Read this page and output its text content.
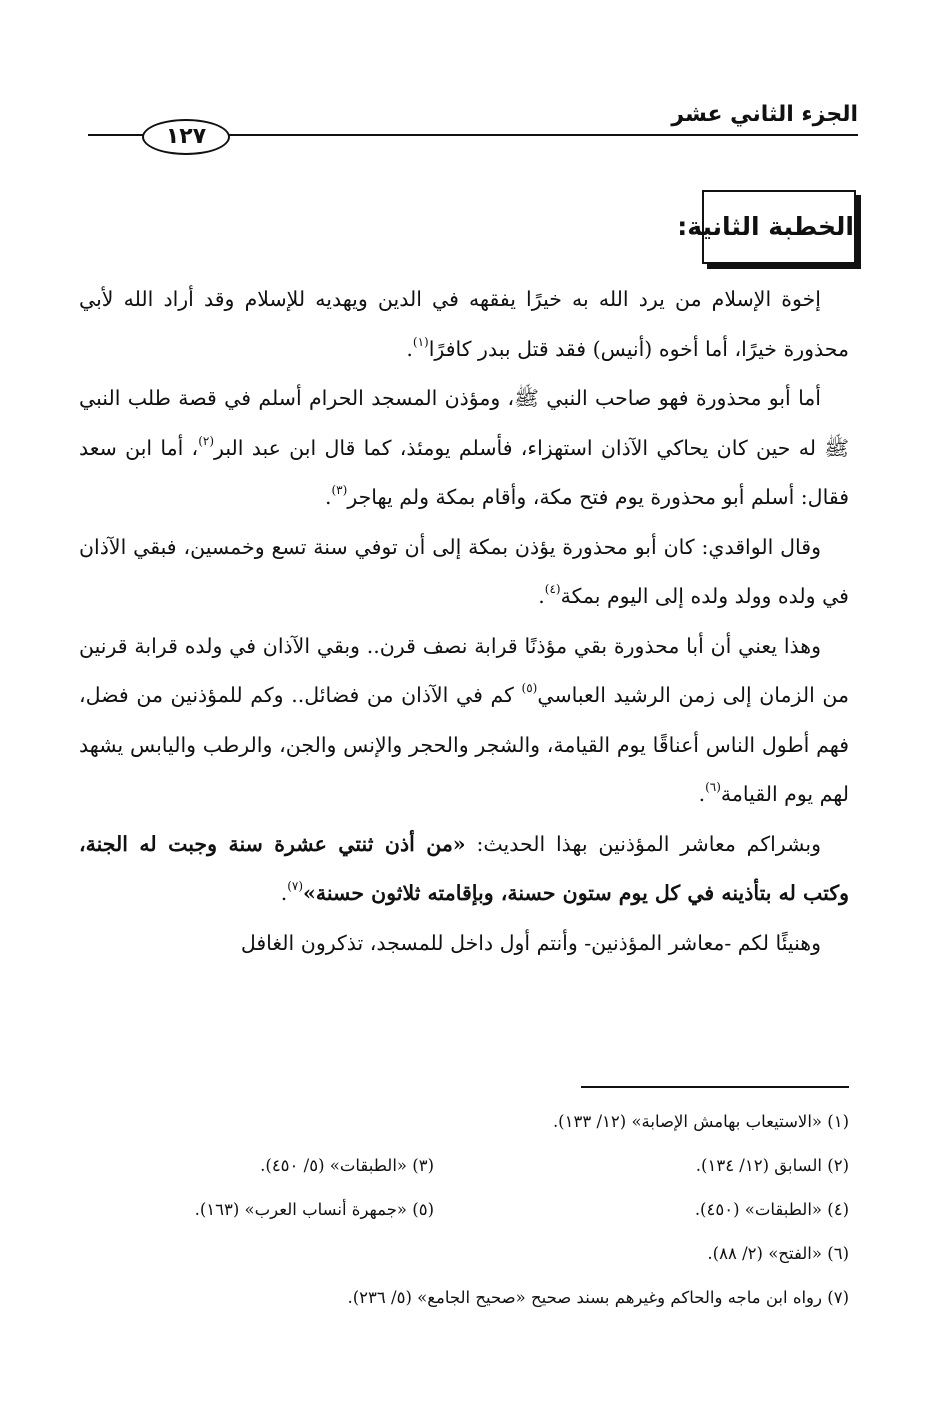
الجزء الثاني عشر
١٢٧
الخطبة الثانية:

إخوة الإسلام من يرد الله به خيرًا يفقهه في الدين ويهديه للإسلام وقد أراد الله لأبي محذورة خيرًا، أما أخوه (أنيس) فقد قتل ببدر كافرًا$^{(١)}$.

أما أبو محذورة فهو صاحب النبي ﷺ، ومؤذن المسجد الحرام أسلم في قصة طلب النبي ﷺ له حين كان يحاكي الآذان استهزاء، فأسلم يومئذ، كما قال ابن عبد البر$^{(٢)}$، أما ابن سعد فقال: أسلم أبو محذورة يوم فتح مكة، وأقام بمكة ولم يهاجر$^{(٣)}$.

وقال الواقدي: كان أبو محذورة يؤذن بمكة إلى أن توفي سنة تسع وخمسين، فبقي الآذان في ولده وولد ولده إلى اليوم بمكة$^{(٤)}$.

وهذا يعني أن أبا محذورة بقي مؤذنًا قرابة نصف قرن.. وبقي الآذان في ولده قرابة قرنين من الزمان إلى زمن الرشيد العباسي$^{(٥)}$ كم في الآذان من فضائل.. وكم للمؤذنين من فضل، فهم أطول الناس أعناقًا يوم القيامة، والشجر والحجر والإنس والجن، والرطب واليابس يشهد لهم يوم القيامة$^{(٦)}$.

وبشراكم معاشر المؤذنين بهذا الحديث: «من أذن ثنتي عشرة سنة وجبت له الجنة، وكتب له بتأذينه في كل يوم ستون حسنة، وبإقامته ثلاثون حسنة»$^{(٧)}$.

وهنيئًا لكم -معاشر المؤذنين- وأنتم أول داخل للمسجد، تذكرون الغافل

(١) «الاستيعاب بهامش الإصابة» (١٢/ ١٣٣).
(٢) السابق (١٢/ ١٣٤).
(٣) «الطبقات» (٥/ ٤٥٠).
(٤) «الطبقات» (٤٥٠).
(٥) «جمهرة أنساب العرب» (١٦٣).
(٦) «الفتح» (٢/ ٨٨).
(٧) رواه ابن ماجه والحاكم وغيرهم بسند صحيح «صحيح الجامع» (٥/ ٢٣٦).
